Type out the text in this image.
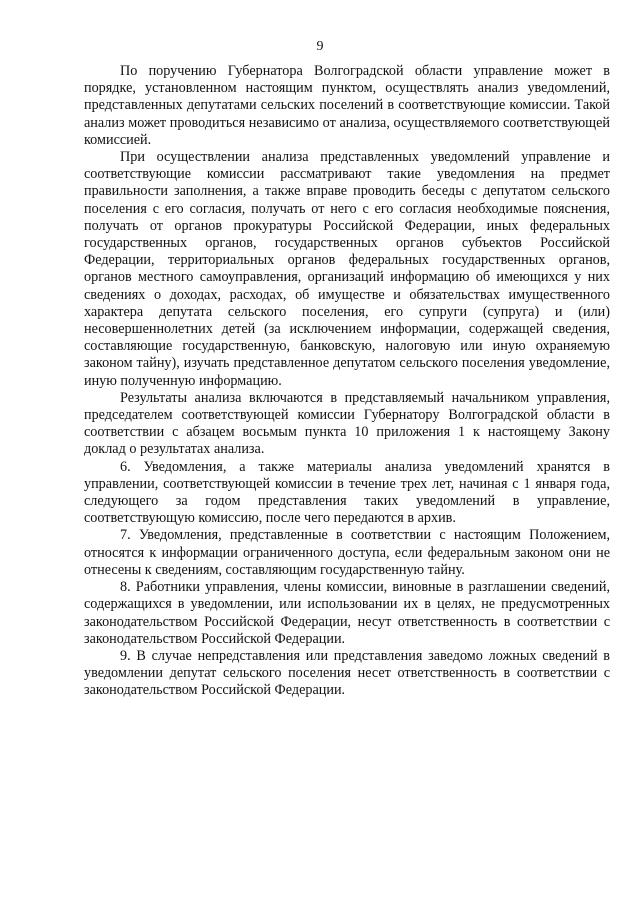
9

По поручению Губернатора Волгоградской области управление может в порядке, установленном настоящим пунктом, осуществлять анализ уведомлений, представленных депутатами сельских поселений в соответствующие комиссии. Такой анализ может проводиться независимо от анализа, осуществляемого соответствующей комиссией.

При осуществлении анализа представленных уведомлений управление и соответствующие комиссии рассматривают такие уведомления на предмет правильности заполнения, а также вправе проводить беседы с депутатом сельского поселения с его согласия, получать от него с его согласия необходимые пояснения, получать от органов прокуратуры Российской Федерации, иных федеральных государственных органов, государственных органов субъектов Российской Федерации, территориальных органов федеральных государственных органов, органов местного самоуправления, организаций информацию об имеющихся у них сведениях о доходах, расходах, об имуществе и обязательствах имущественного характера депутата сельского поселения, его супруги (супруга) и (или) несовершеннолетних детей (за исключением информации, содержащей сведения, составляющие государственную, банковскую, налоговую или иную охраняемую законом тайну), изучать представленное депутатом сельского поселения уведомление, иную полученную информацию.

Результаты анализа включаются в представляемый начальником управления, председателем соответствующей комиссии Губернатору Волгоградской области в соответствии с абзацем восьмым пункта 10 приложения 1 к настоящему Закону доклад о результатах анализа.

6. Уведомления, а также материалы анализа уведомлений хранятся в управлении, соответствующей комиссии в течение трех лет, начиная с 1 января года, следующего за годом представления таких уведомлений в управление, соответствующую комиссию, после чего передаются в архив.

7. Уведомления, представленные в соответствии с настоящим Положением, относятся к информации ограниченного доступа, если федеральным законом они не отнесены к сведениям, составляющим государственную тайну.

8. Работники управления, члены комиссии, виновные в разглашении сведений, содержащихся в уведомлении, или использовании их в целях, не предусмотренных законодательством Российской Федерации, несут ответственность в соответствии с законодательством Российской Федерации.

9. В случае непредставления или представления заведомо ложных сведений в уведомлении депутат сельского поселения несет ответственность в соответствии с законодательством Российской Федерации.
